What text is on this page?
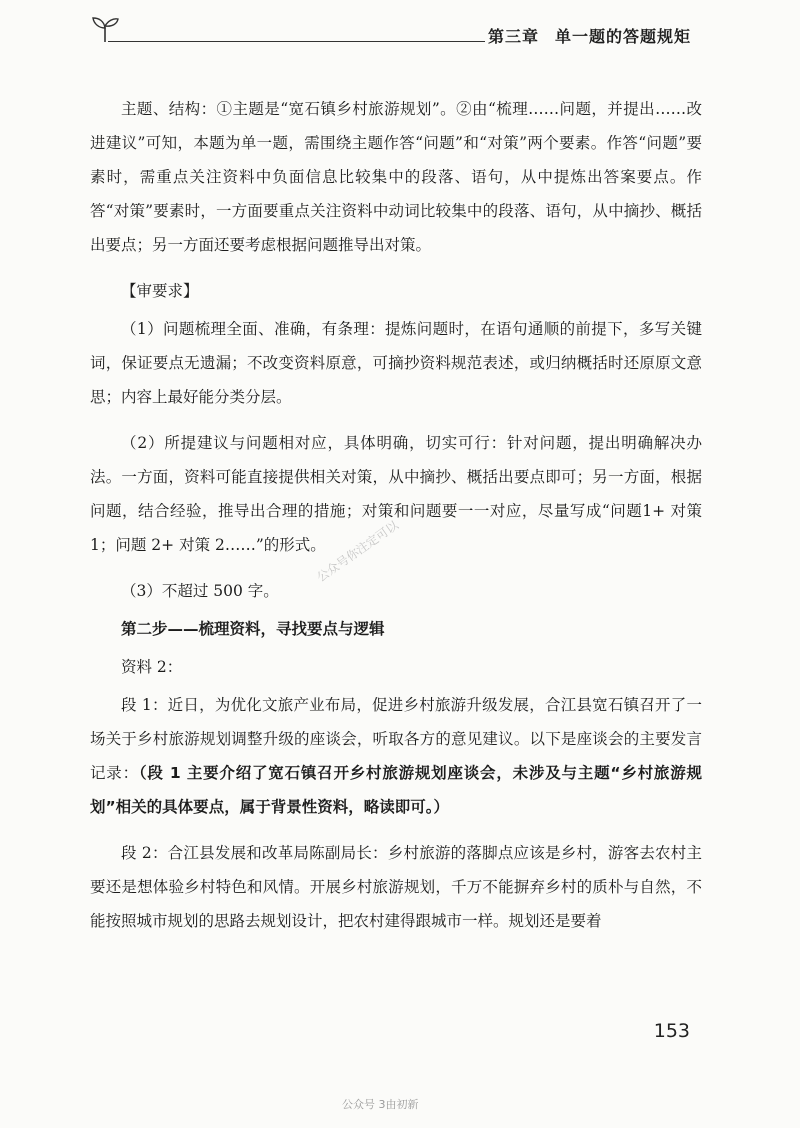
第三章 单一题的答题规矩

主题、结构：①主题是“宽石镇乡村旅游规划”。②由“梳理……问题，并提出……改进建议”可知，本题为单一题，需围绕主题作答“问题”和“对策”两个要素。作答“问题”要素时，需重点关注资料中负面信息比较集中的段落、语句，从中提炼出答案要点。作答“对策”要素时，一方面要重点关注资料中动词比较集中的段落、语句，从中摘抄、概括出要点；另一方面还要考虑根据问题推导出对策。

【审要求】

（1）问题梳理全面、准确，有条理：提炼问题时，在语句通顺的前提下，多写关键词，保证要点无遗漏；不改变资料原意，可摘抄资料规范表述，或归纳概括时还原原文意思；内容上最好能分类分层。

（2）所提建议与问题相对应，具体明确，切实可行：针对问题，提出明确解决办法。一方面，资料可能直接提供相关对策，从中摘抄、概括出要点即可；另一方面，根据问题，结合经验，推导出合理的措施；对策和问题要一一对应，尽量写成“问题1+ 对策 1；问题 2+ 对策 2……”的形式。

（3）不超过 500 字。

第二步——梳理资料，寻找要点与逻辑

资料 2：

段 1：近日，为优化文旅产业布局，促进乡村旅游升级发展，合江县宽石镇召开了一场关于乡村旅游规划调整升级的座谈会，听取各方的意见建议。以下是座谈会的主要发言记录：（段 1 主要介绍了宽石镇召开乡村旅游规划座谈会，未涉及与主题“乡村旅游规划”相关的具体要点，属于背景性资料，略读即可。）

段 2：合江县发展和改革局陈副局长：乡村旅游的落脚点应该是乡村，游客去农村主要还是想体验乡村特色和风情。开展乡村旅游规划，千万不能摒弃乡村的质朴与自然，不能按照城市规划的思路去规划设计，把农村建得跟城市一样。规划还是要着

公众号你注定可以
153
公众号 3由初新
